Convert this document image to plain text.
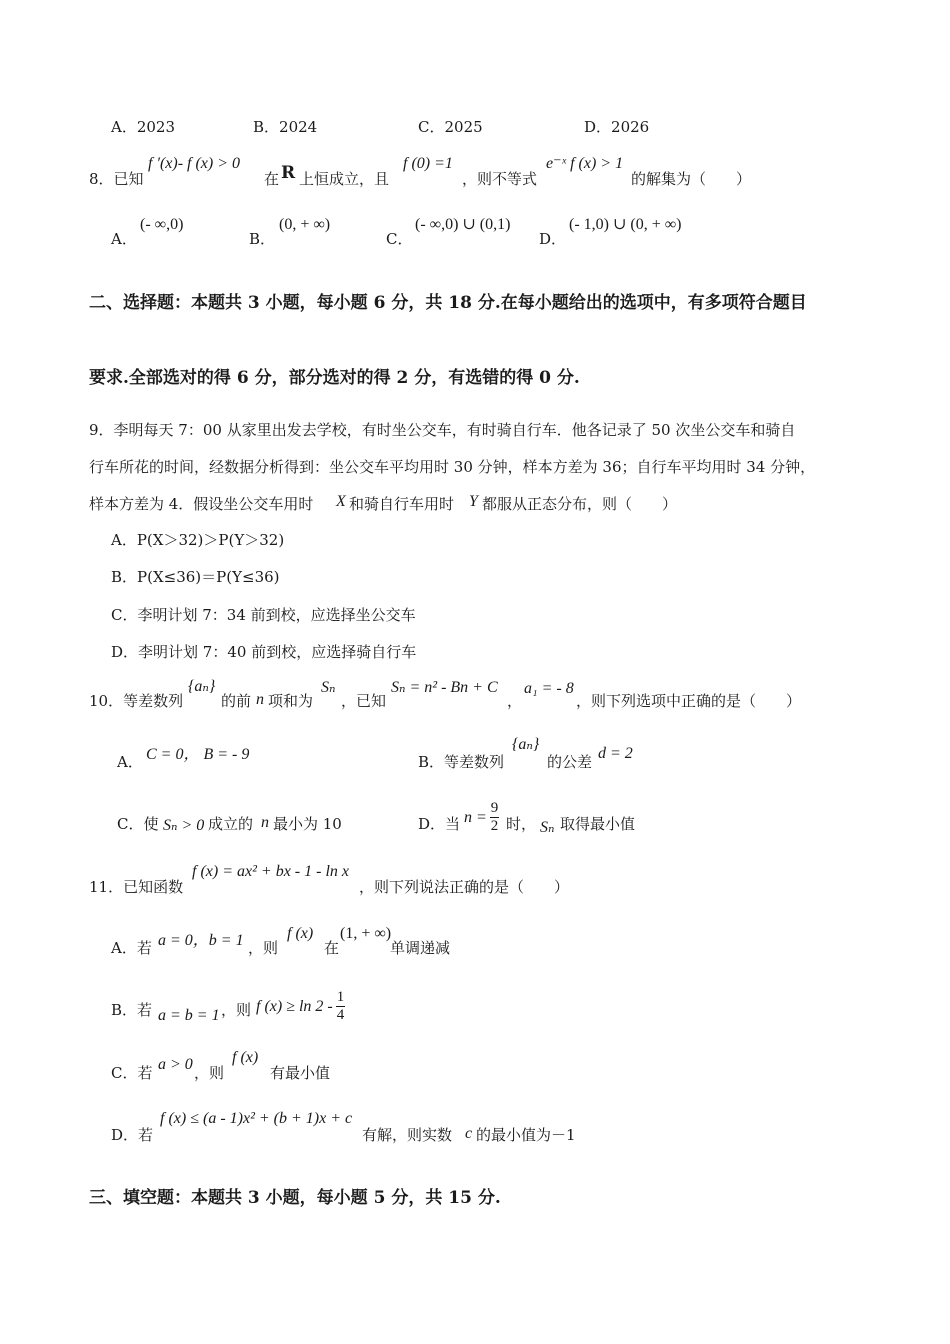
A．2023	B．2024	C．2025	D．2026
8．已知
f ′(x)- f (x) > 0
在 R 上恒成立，且
f (0) =1
，则不等式
e⁻ˣ f (x) > 1
的解集为（　　）
A．
(- ∞,0)
B．
(0, + ∞)
C．
(- ∞,0) ∪ (0,1)
D．
(- 1,0) ∪ (0, + ∞)
二、选择题：本题共 3 小题，每小题 6 分，共 18 分.在每小题给出的选项中，有多项符合题目
要求.全部选对的得 6 分，部分选对的得 2 分，有选错的得 0 分.
9．李明每天 7：00 从家里出发去学校，有时坐公交车，有时骑自行车．他各记录了 50 次坐公交车和骑自
行车所花的时间，经数据分析得到：坐公交车平均用时 30 分钟，样本方差为 36；自行车平均用时 34 分钟，
样本方差为 4．假设坐公交车用时 X 和骑自行车用时 Y 都服从正态分布，则（　　）
A．P(X＞32)＞P(Y＞32)
B．P(X≤36)＝P(Y≤36)
C．李明计划 7：34 前到校，应选择坐公交车
D．李明计划 7：40 前到校，应选择骑自行车
10．等差数列
{aₙ}
的前 n 项和为
Sₙ
，已知
Sₙ = n² - Bn + C
，
a₁ = - 8
，则下列选项中正确的是（　　）
A． C = 0， B = - 9	B．等差数列
{aₙ}
的公差 d = 2
C．使 Sₙ > 0 成立的 n 最小为 10	D．当 $n = \frac{9}{2}$ 时， Sₙ 取得最小值
11．已知函数
f (x) = ax² + bx - 1 - ln x
，则下列说法正确的是（　　）
A．若 a = 0，b = 1 ，则
f (x)
在
(1, + ∞)
单调递减
B．若 a = b = 1 ，则 f $(x) \ge \ln 2 - \frac{1}{4}$
C．若 a > 0 ，则
f (x)
有最小值
D．若
f (x) ≤ (a - 1)x² + (b + 1)x + c
有解，则实数 c 的最小值为－1
三、填空题：本题共 3 小题，每小题 5 分，共 15 分.
